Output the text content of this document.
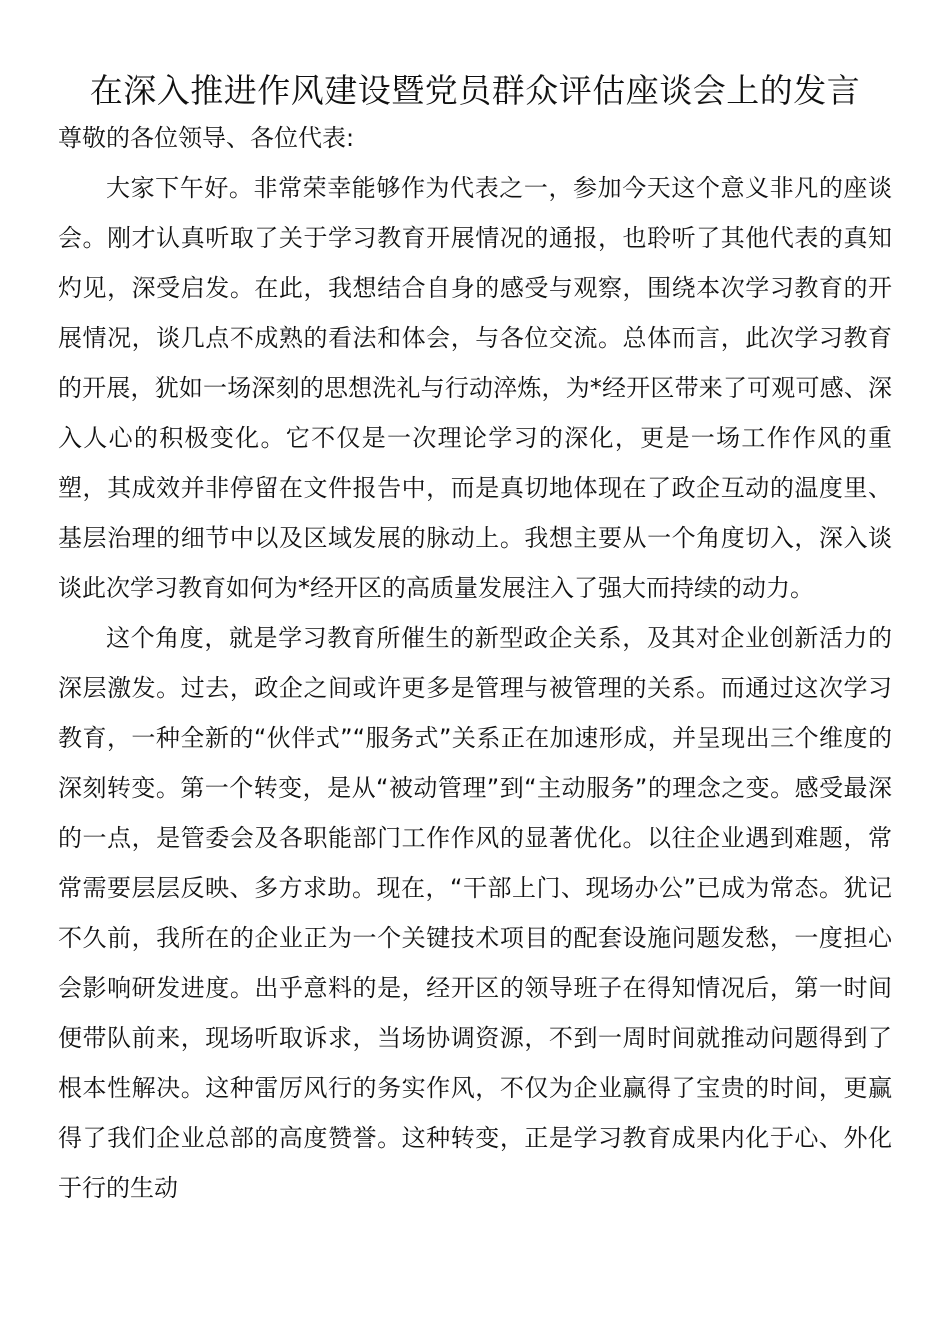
在深入推进作风建设暨党员群众评估座谈会上的发言

尊敬的各位领导、各位代表:

大家下午好。非常荣幸能够作为代表之一，参加今天这个意义非凡的座谈会。刚才认真听取了关于学习教育开展情况的通报，也聆听了其他代表的真知灼见，深受启发。在此，我想结合自身的感受与观察，围绕本次学习教育的开展情况，谈几点不成熟的看法和体会，与各位交流。总体而言，此次学习教育的开展，犹如一场深刻的思想洗礼与行动淬炼，为*经开区带来了可观可感、深入人心的积极变化。它不仅是一次理论学习的深化，更是一场工作作风的重塑，其成效并非停留在文件报告中，而是真切地体现在了政企互动的温度里、基层治理的细节中以及区域发展的脉动上。我想主要从一个角度切入，深入谈谈此次学习教育如何为*经开区的高质量发展注入了强大而持续的动力。

这个角度，就是学习教育所催生的新型政企关系，及其对企业创新活力的深层激发。过去，政企之间或许更多是管理与被管理的关系。而通过这次学习教育，一种全新的“伙伴式”“服务式”关系正在加速形成，并呈现出三个维度的深刻转变。第一个转变，是从“被动管理”到“主动服务”的理念之变。感受最深的一点，是管委会及各职能部门工作作风的显著优化。以往企业遇到难题，常常需要层层反映、多方求助。现在，“干部上门、现场办公”已成为常态。犹记不久前，我所在的企业正为一个关键技术项目的配套设施问题发愁，一度担心会影响研发进度。出乎意料的是，经开区的领导班子在得知情况后，第一时间便带队前来，现场听取诉求，当场协调资源，不到一周时间就推动问题得到了根本性解决。这种雷厉风行的务实作风，不仅为企业赢得了宝贵的时间，更赢得了我们企业总部的高度赞誉。这种转变，正是学习教育成果内化于心、外化于行的生动
